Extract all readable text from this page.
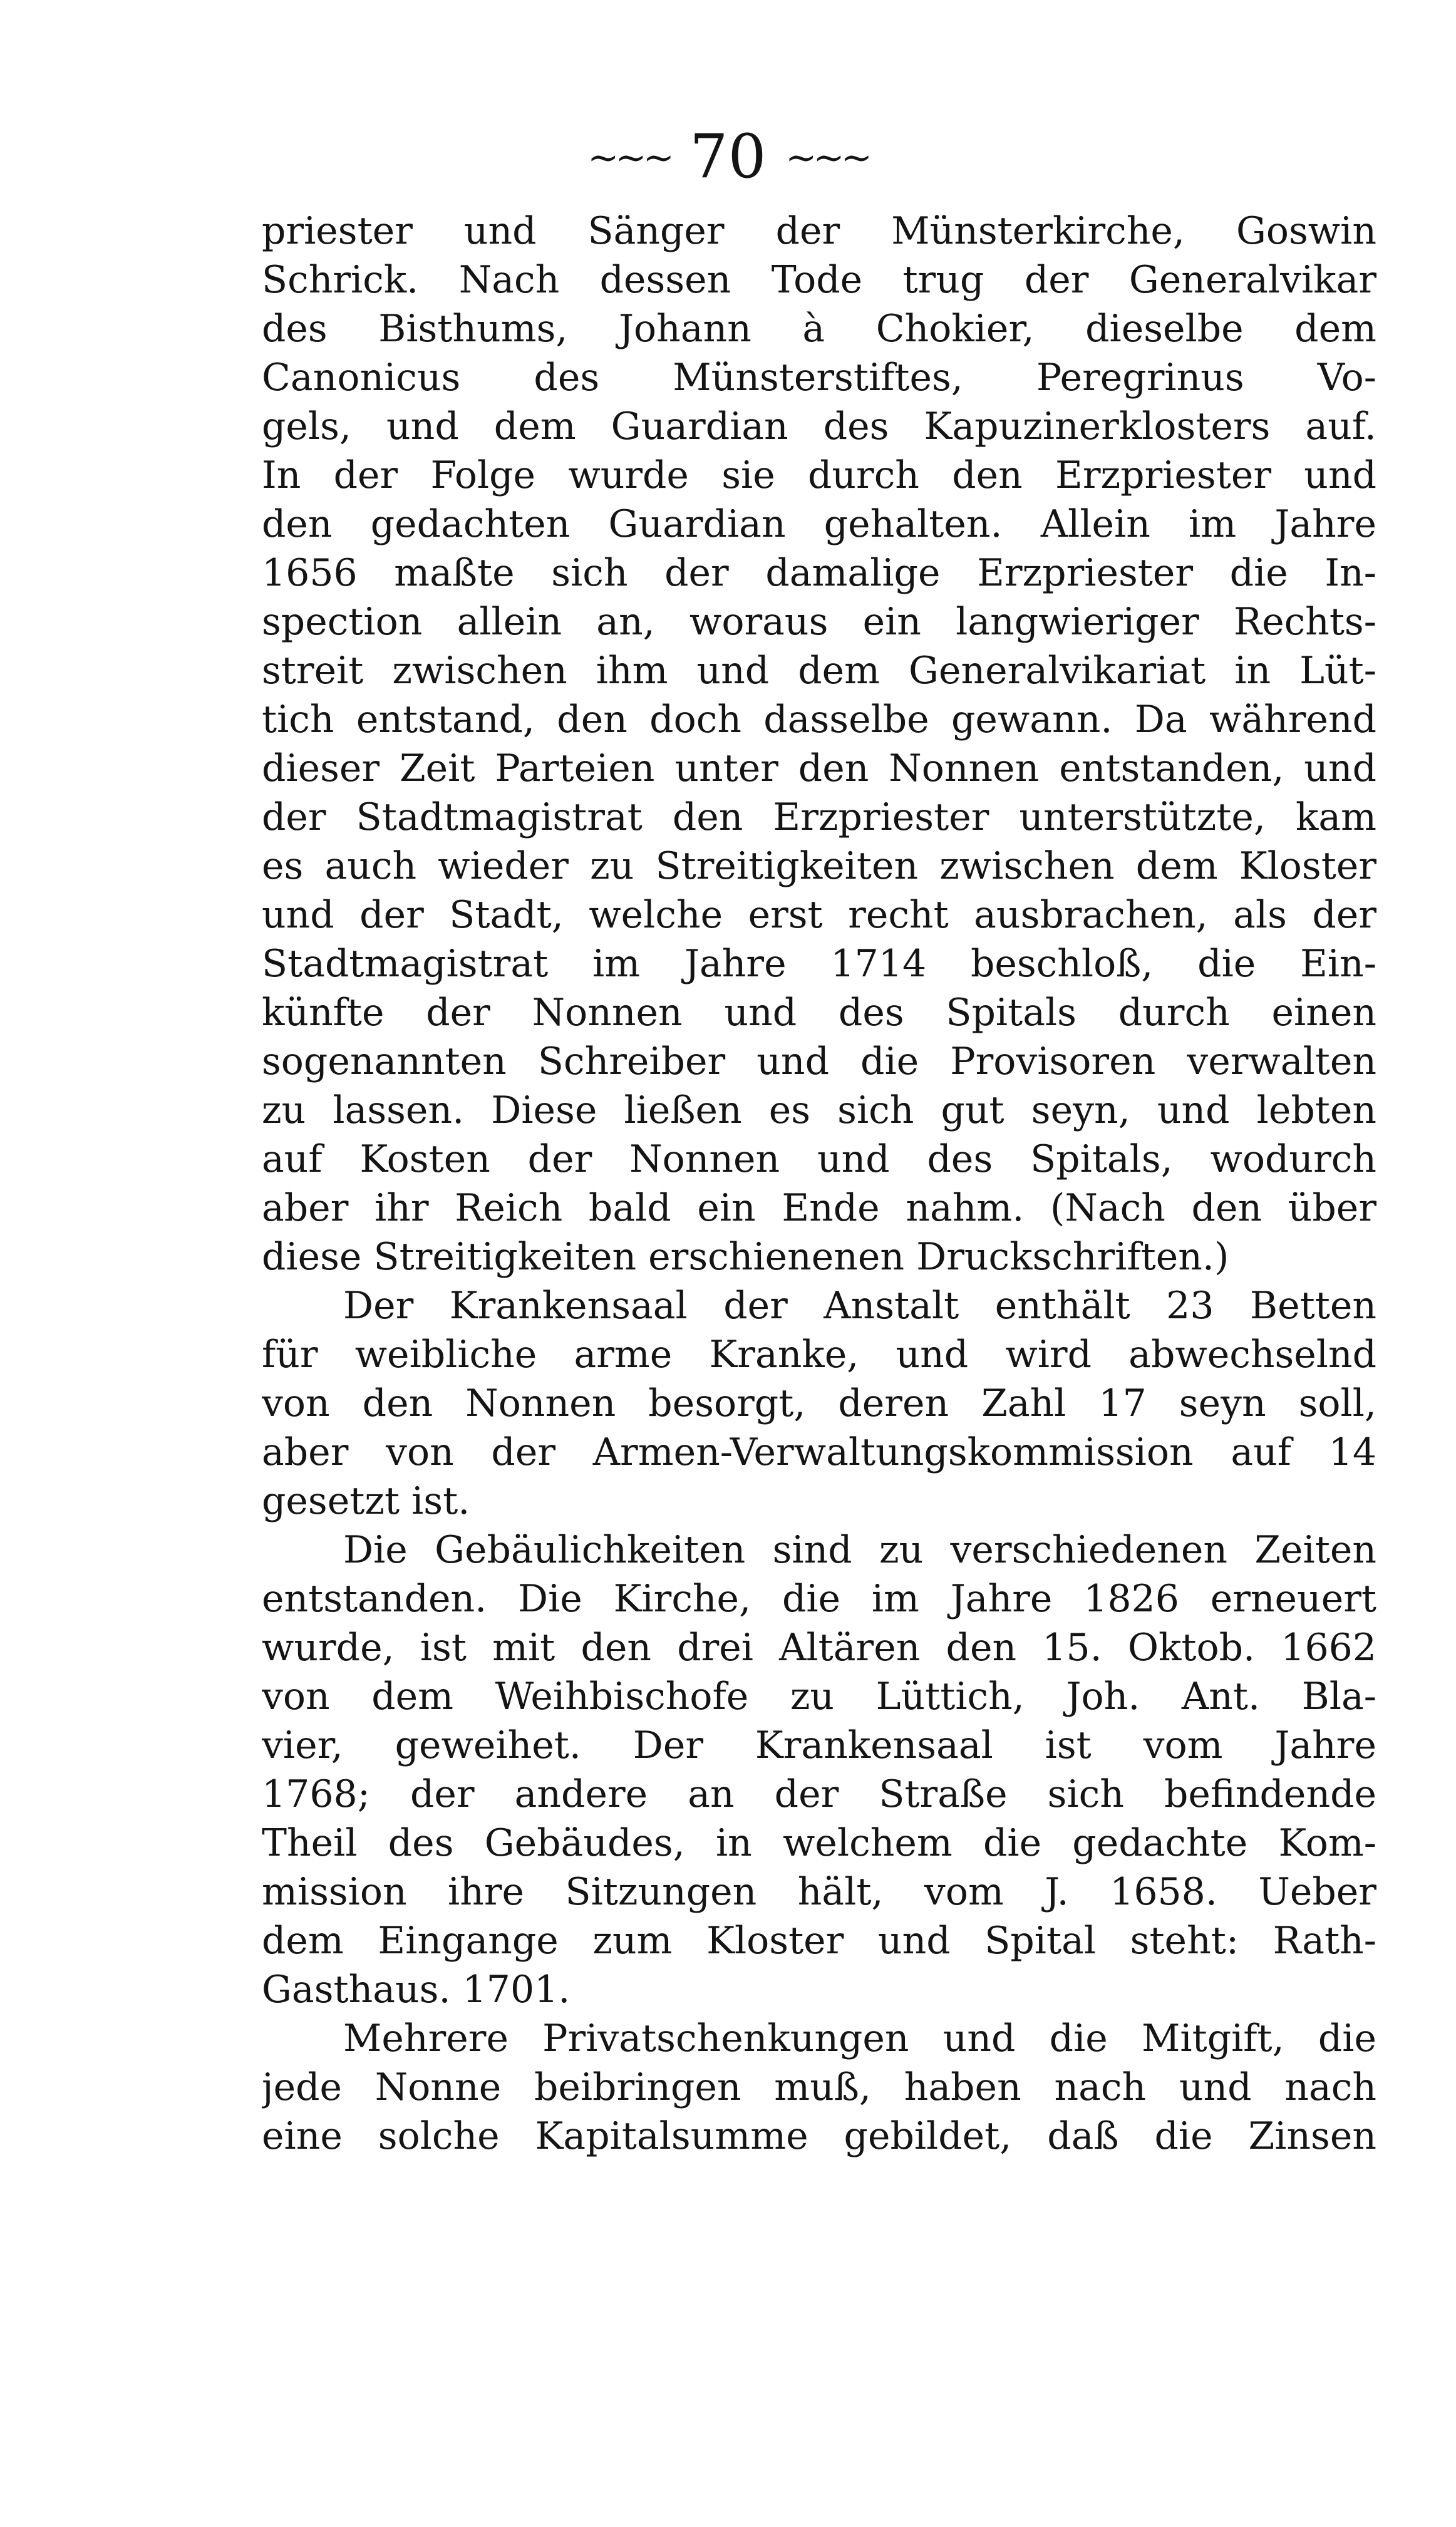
~~~ 70 ~~~
priester und Sänger der Münsterkirche, Goswin
Schrick. Nach dessen Tode trug der Generalvikar
des Bisthums, Johann à Chokier, dieselbe dem
Canonicus des Münsterstiftes, Peregrinus Vo-
gels, und dem Guardian des Kapuzinerklosters auf.
In der Folge wurde sie durch den Erzpriester und
den gedachten Guardian gehalten. Allein im Jahre
1656 maßte sich der damalige Erzpriester die In-
spection allein an, woraus ein langwieriger Rechts-
streit zwischen ihm und dem Generalvikariat in Lüt-
tich entstand, den doch dasselbe gewann. Da während
dieser Zeit Parteien unter den Nonnen entstanden, und
der Stadtmagistrat den Erzpriester unterstützte, kam
es auch wieder zu Streitigkeiten zwischen dem Kloster
und der Stadt, welche erst recht ausbrachen, als der
Stadtmagistrat im Jahre 1714 beschloß, die Ein-
künfte der Nonnen und des Spitals durch einen
sogenannten Schreiber und die Provisoren verwalten
zu lassen. Diese ließen es sich gut seyn, und lebten
auf Kosten der Nonnen und des Spitals, wodurch
aber ihr Reich bald ein Ende nahm. (Nach den über
diese Streitigkeiten erschienenen Druckschriften.)
Der Krankensaal der Anstalt enthält 23 Betten
für weibliche arme Kranke, und wird abwechselnd
von den Nonnen besorgt, deren Zahl 17 seyn soll,
aber von der Armen-Verwaltungskommission auf 14
gesetzt ist.
Die Gebäulichkeiten sind zu verschiedenen Zeiten
entstanden. Die Kirche, die im Jahre 1826 erneuert
wurde, ist mit den drei Altären den 15. Oktob. 1662
von dem Weihbischofe zu Lüttich, Joh. Ant. Bla-
vier, geweihet. Der Krankensaal ist vom Jahre
1768; der andere an der Straße sich befindende
Theil des Gebäudes, in welchem die gedachte Kom-
mission ihre Sitzungen hält, vom J. 1658. Ueber
dem Eingange zum Kloster und Spital steht: Rath-
Gasthaus. 1701.
Mehrere Privatschenkungen und die Mitgift, die
jede Nonne beibringen muß, haben nach und nach
eine solche Kapitalsumme gebildet, daß die Zinsen
